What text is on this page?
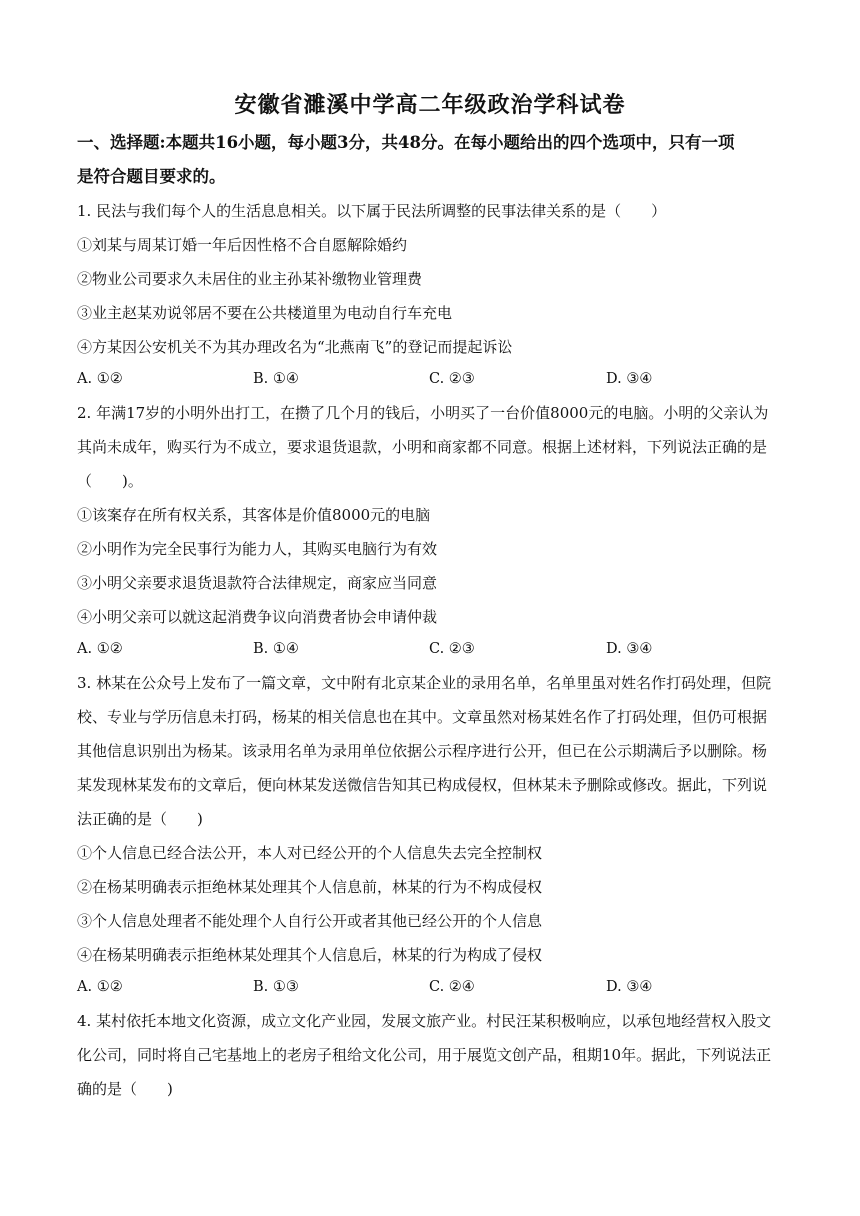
安徽省濉溪中学高二年级政治学科试卷
一、选择题:本题共16小题，每小题3分，共48分。在每小题给出的四个选项中，只有一项
是符合题目要求的。
1. 民法与我们每个人的生活息息相关。以下属于民法所调整的民事法律关系的是（　　）
①刘某与周某订婚一年后因性格不合自愿解除婚约
②物业公司要求久未居住的业主孙某补缴物业管理费
③业主赵某劝说邻居不要在公共楼道里为电动自行车充电
④方某因公安机关不为其办理改名为“北燕南飞”的登记而提起诉讼
A. ①②	B. ①④	C. ②③	D. ③④
2. 年满17岁的小明外出打工，在攒了几个月的钱后，小明买了一台价值8000元的电脑。小明的父亲认为
其尚未成年，购买行为不成立，要求退货退款，小明和商家都不同意。根据上述材料，下列说法正确的是
（　　)。
①该案存在所有权关系，其客体是价值8000元的电脑
②小明作为完全民事行为能力人，其购买电脑行为有效
③小明父亲要求退货退款符合法律规定，商家应当同意
④小明父亲可以就这起消费争议向消费者协会申请仲裁
A. ①②	B. ①④	C. ②③	D. ③④
3. 林某在公众号上发布了一篇文章，文中附有北京某企业的录用名单，名单里虽对姓名作打码处理，但院
校、专业与学历信息未打码，杨某的相关信息也在其中。文章虽然对杨某姓名作了打码处理，但仍可根据
其他信息识别出为杨某。该录用名单为录用单位依据公示程序进行公开，但已在公示期满后予以删除。杨
某发现林某发布的文章后，便向林某发送微信告知其已构成侵权，但林某未予删除或修改。据此，下列说
法正确的是（　　)
①个人信息已经合法公开，本人对已经公开的个人信息失去完全控制权
②在杨某明确表示拒绝林某处理其个人信息前，林某的行为不构成侵权
③个人信息处理者不能处理个人自行公开或者其他已经公开的个人信息
④在杨某明确表示拒绝林某处理其个人信息后，林某的行为构成了侵权
A. ①②	B. ①③	C. ②④	D. ③④
4. 某村依托本地文化资源，成立文化产业园，发展文旅产业。村民汪某积极响应，以承包地经营权入股文
化公司，同时将自己宅基地上的老房子租给文化公司，用于展览文创产品，租期10年。据此，下列说法正
确的是（　　)
